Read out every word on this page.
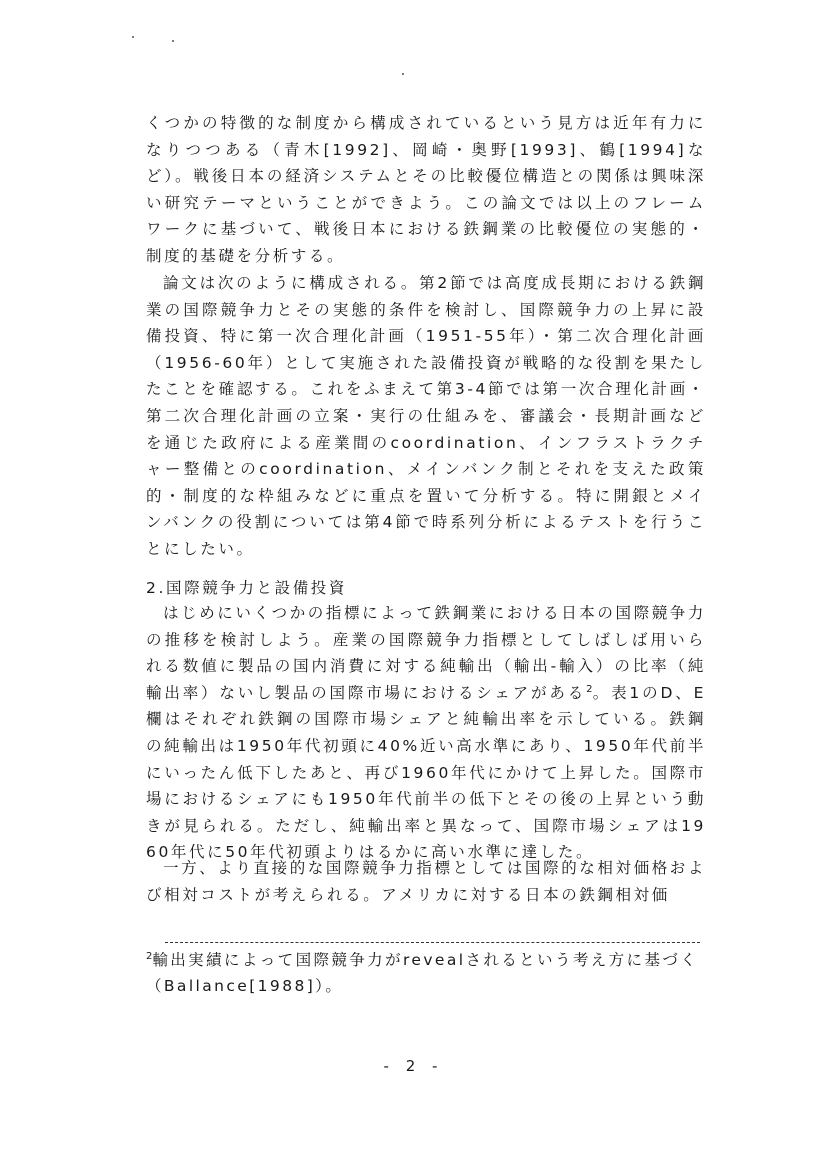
くつかの特徴的な制度から構成されているという見方は近年有力になりつつある（青木[1992]、岡崎・奥野[1993]、鶴[1994]など）。戦後日本の経済システムとその比較優位構造との関係は興味深い研究テーマということができよう。この論文では以上のフレームワークに基づいて、戦後日本における鉄鋼業の比較優位の実態的・制度的基礎を分析する。

論文は次のように構成される。第2節では高度成長期における鉄鋼業の国際競争力とその実態的条件を検討し、国際競争力の上昇に設備投資、特に第一次合理化計画（1951-55年）・第二次合理化計画（1956-60年）として実施された設備投資が戦略的な役割を果たしたことを確認する。これをふまえて第3-4節では第一次合理化計画・第二次合理化計画の立案・実行の仕組みを、審議会・長期計画などを通じた政府による産業間のcoordination、インフラストラクチャー整備とのcoordination、メインバンク制とそれを支えた政策的・制度的な枠組みなどに重点を置いて分析する。特に開銀とメインバンクの役割については第4節で時系列分析によるテストを行うことにしたい。

2.国際競争力と設備投資

はじめにいくつかの指標によって鉄鋼業における日本の国際競争力の推移を検討しよう。産業の国際競争力指標としてしばしば用いられる数値に製品の国内消費に対する純輸出（輸出-輸入）の比率（純輸出率）ないし製品の国際市場におけるシェアがある$^2$。表1のD、E欄はそれぞれ鉄鋼の国際市場シェアと純輸出率を示している。鉄鋼の純輸出は1950年代初頭に40%近い高水準にあり、1950年代前半にいったん低下したあと、再び1960年代にかけて上昇した。国際市場におけるシェアにも1950年代前半の低下とその後の上昇という動きが見られる。ただし、純輸出率と異なって、国際市場シェアは1960年代に50年代初頭よりはるかに高い水準に達した。

一方、より直接的な国際競争力指標としては国際的な相対価格および相対コストが考えられる。アメリカに対する日本の鉄鋼相対価

$^2$輸出実績によって国際競争力がrevealされるという考え方に基づく（Ballance[1988]）。

- 2 -
